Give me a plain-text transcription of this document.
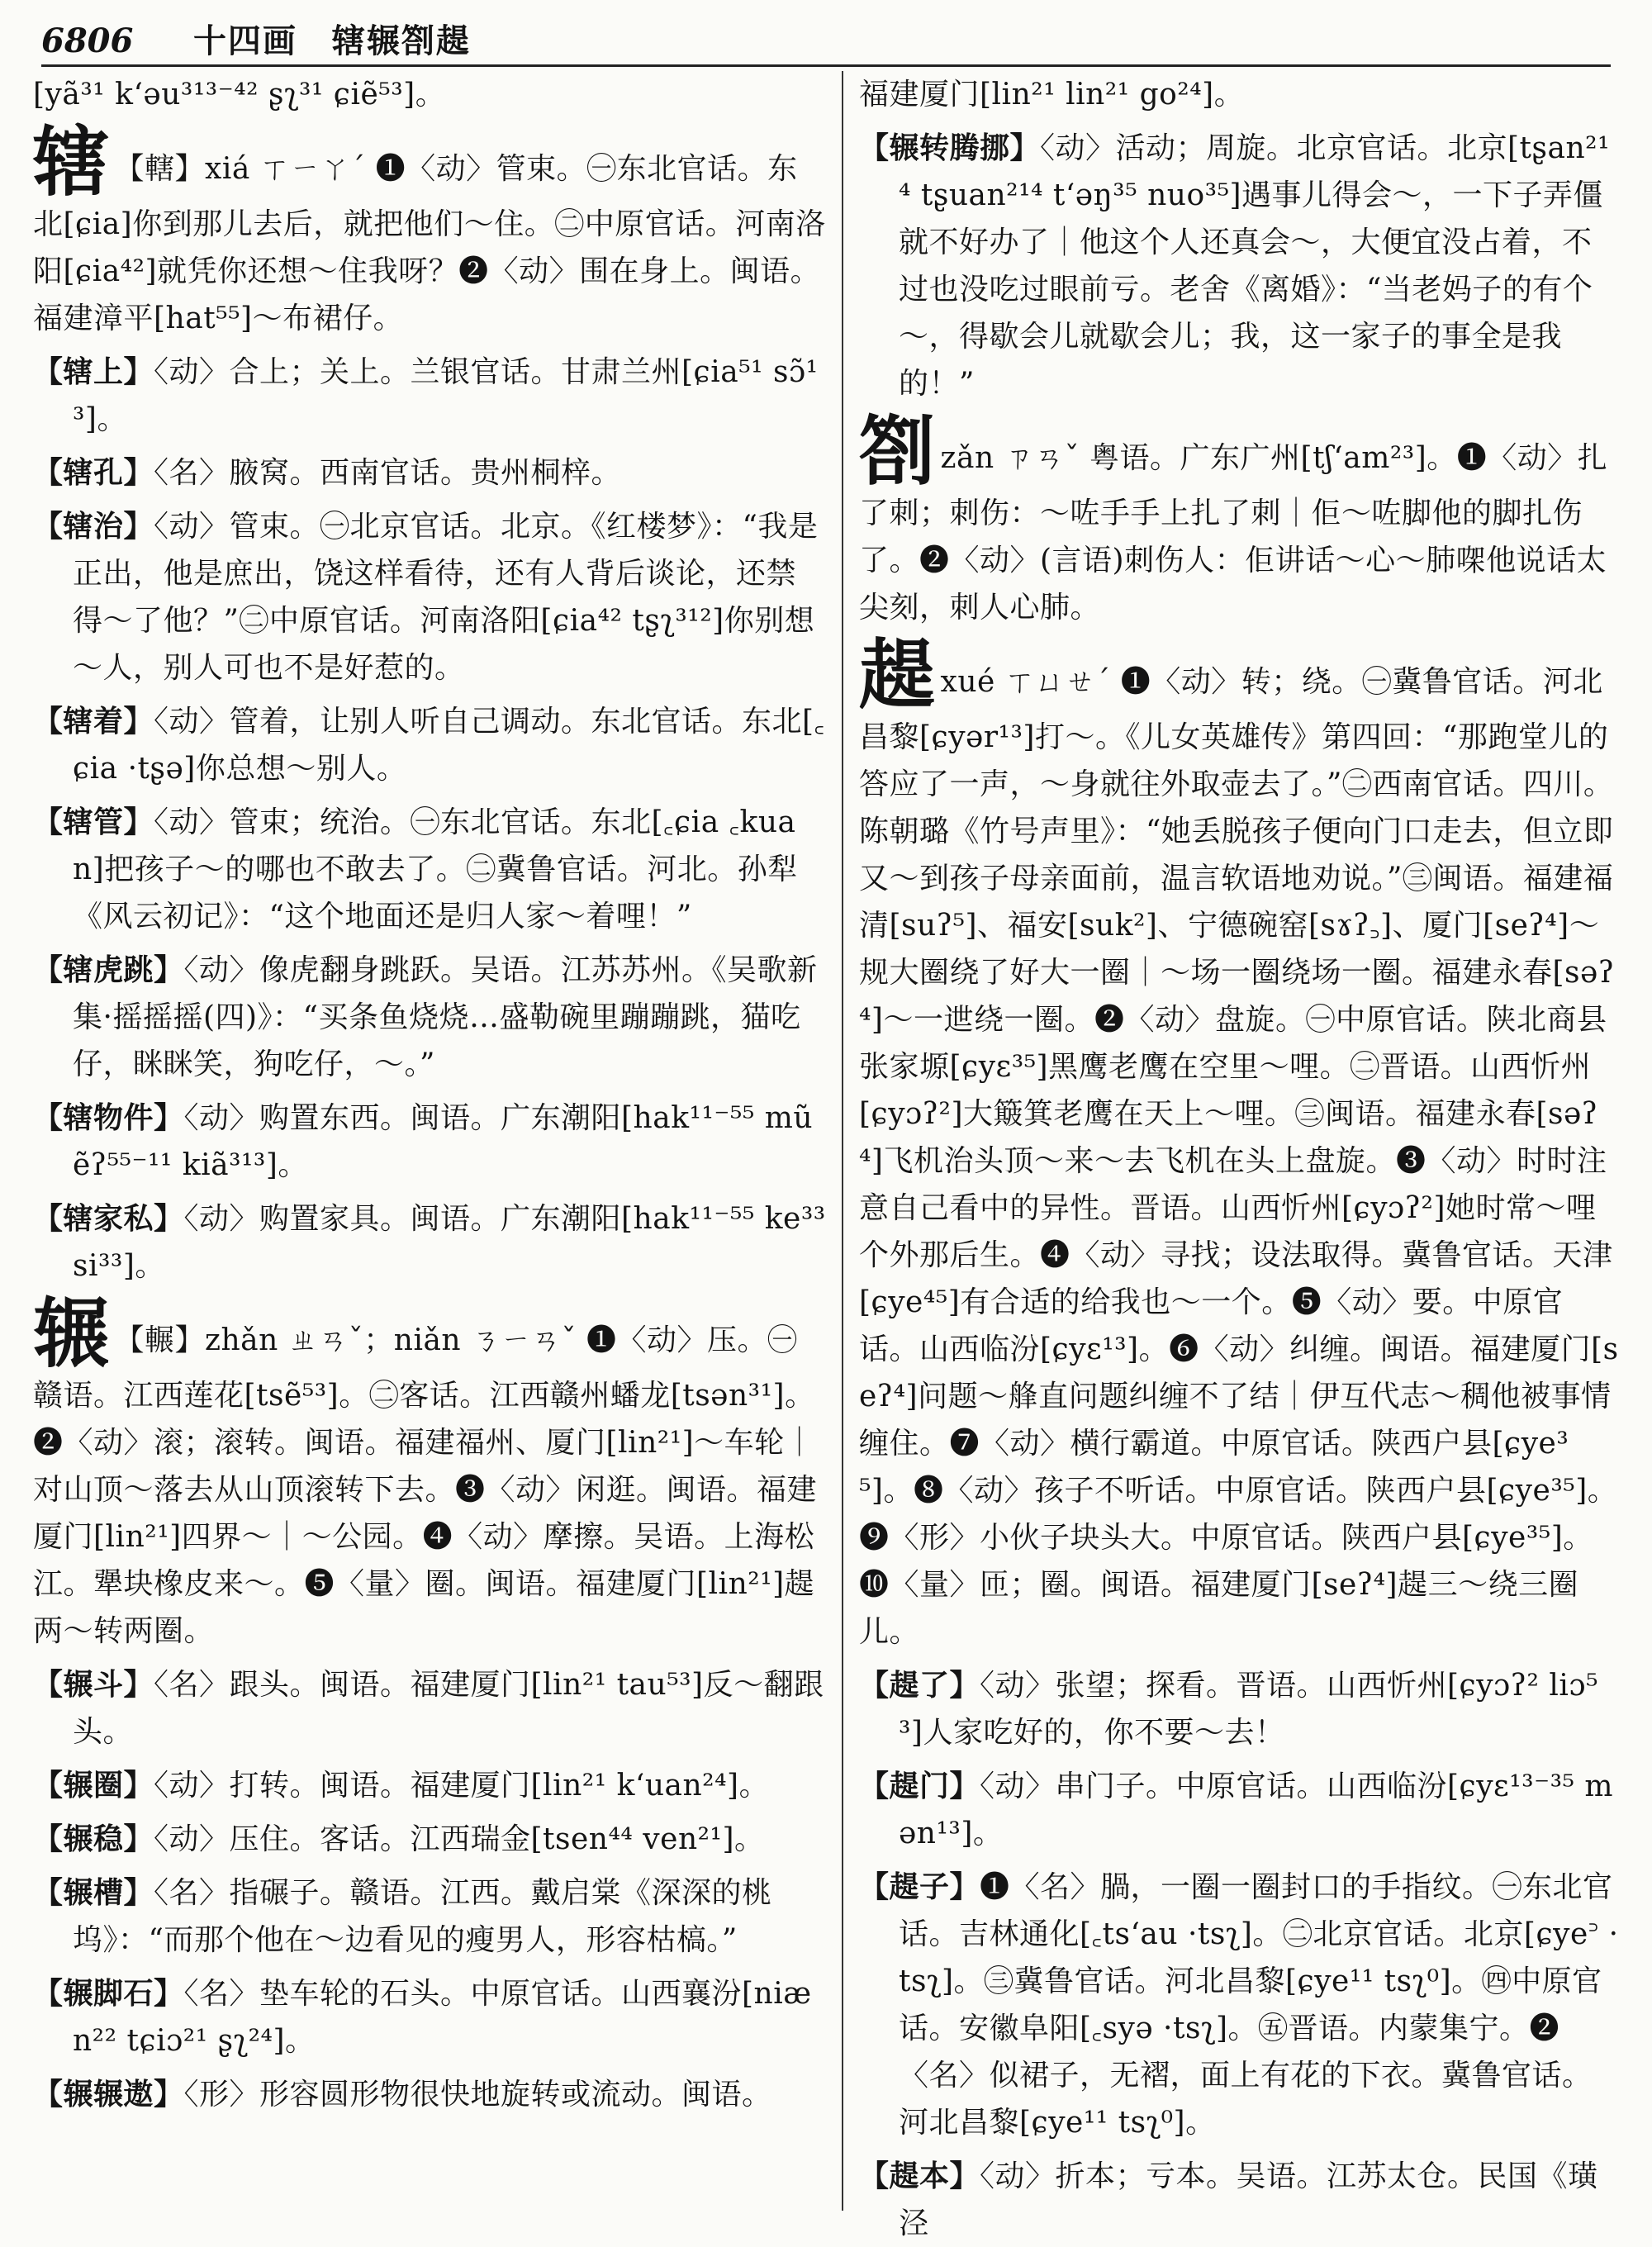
6806 十四画　辖辗劄趧

[yã³¹ k‘əu³¹³⁻⁴² ʂʅ³¹ ɕiẽ⁵³]。

辖 【轄】xiá ㄒㄧㄚˊ ❶〈动〉管束。㊀东北官话。东北[ɕia]你到那儿去后，就把他们～住。㊁中原官话。河南洛阳[ɕia⁴²]就凭你还想～住我呀？❷〈动〉围在身上。闽语。福建漳平[hat⁵⁵]～布裙仔。

【辖上】〈动〉合上；关上。兰银官话。甘肃兰州[ɕia⁵¹ sɔ̃¹³]。

【辖孔】〈名〉腋窝。西南官话。贵州桐梓。

【辖治】〈动〉管束。㊀北京官话。北京。《红楼梦》：“我是正出，他是庶出，饶这样看待，还有人背后谈论，还禁得～了他？”㊁中原官话。河南洛阳[ɕia⁴² tʂʅ³¹²]你别想～人，别人可也不是好惹的。

【辖着】〈动〉管着，让别人听自己调动。东北官话。东北[꜀ɕia ·tʂə]你总想～别人。

【辖管】〈动〉管束；统治。㊀东北官话。东北[꜀ɕia ꜀kuan]把孩子～的哪也不敢去了。㊁冀鲁官话。河北。孙犁《风云初记》：“这个地面还是归人家～着哩！”

【辖虎跳】〈动〉像虎翻身跳跃。吴语。江苏苏州。《吴歌新集·摇摇摇(四)》：“买条鱼烧烧…盛勒碗里蹦蹦跳，猫吃仔，眯眯笑，狗吃仔，～。”

【辖物件】〈动〉购置东西。闽语。广东潮阳[hak¹¹⁻⁵⁵ mũẽʔ⁵⁵⁻¹¹ kiã³¹³]。

【辖家私】〈动〉购置家具。闽语。广东潮阳[hak¹¹⁻⁵⁵ ke³³ si³³]。

辗 【輾】zhǎn ㄓㄢˇ；niǎn ㄋㄧㄢˇ ❶〈动〉压。㊀赣语。江西莲花[tsẽ⁵³]。㊁客话。江西赣州蟠龙[tsən³¹]。❷〈动〉滚；滚转。闽语。福建福州、厦门[lin²¹]～车轮｜对山顶～落去从山顶滚转下去。❸〈动〉闲逛。闽语。福建厦门[lin²¹]四界～｜～公园。❹〈动〉摩擦。吴语。上海松江。犟块橡皮来～。❺〈量〉圈。闽语。福建厦门[lin²¹]趧两～转两圈。

【辗斗】〈名〉跟头。闽语。福建厦门[lin²¹ tau⁵³]反～翻跟头。

【辗圈】〈动〉打转。闽语。福建厦门[lin²¹ k‘uan²⁴]。

【辗稳】〈动〉压住。客话。江西瑞金[tsen⁴⁴ ven²¹]。

【辗槽】〈名〉指碾子。赣语。江西。戴启棠《深深的桃坞》：“而那个他在～边看见的瘦男人，形容枯槁。”

【辗脚石】〈名〉垫车轮的石头。中原官话。山西襄汾[niæn²² tɕiɔ²¹ ʂʅ²⁴]。

【辗辗遨】〈形〉形容圆形物很快地旋转或流动。闽语。

福建厦门[lin²¹ lin²¹ go²⁴]。

【辗转腾挪】〈动〉活动；周旋。北京官话。北京[tʂan²¹⁴ tʂuan²¹⁴ t‘əŋ³⁵ nuo³⁵]遇事儿得会～，一下子弄僵就不好办了｜他这个人还真会～，大便宜没占着，不过也没吃过眼前亏。老舍《离婚》：“当老妈子的有个～，得歇会儿就歇会儿；我，这一家子的事全是我的！”

劄zǎn ㄗㄢˇ 粤语。广东广州[tʃ‘am²³]。❶〈动〉扎了刺；刺伤：～咗手手上扎了刺｜佢～咗脚他的脚扎伤了。❷〈动〉(言语)刺伤人：佢讲话～心～肺㗎他说话太尖刻，刺人心肺。

趧xué ㄒㄩㄝˊ ❶〈动〉转；绕。㊀冀鲁官话。河北昌黎[ɕyər¹³]打～。《儿女英雄传》第四回：“那跑堂儿的答应了一声，～身就往外取壶去了。”㊁西南官话。四川。陈朝璐《竹号声里》：“她丢脱孩子便向门口走去，但立即又～到孩子母亲面前，温言软语地劝说。”㊂闽语。福建福清[suʔ⁵]、福安[suk²]、宁德碗窑[sɤʔ꜆]、厦门[seʔ⁴]～规大圈绕了好大一圈｜～场一圈绕场一圈。福建永春[səʔ⁴]～一迣绕一圈。❷〈动〉盘旋。㊀中原官话。陕北商县张家塬[ɕyɛ³⁵]黑鹰老鹰在空里～哩。㊁晋语。山西忻州[ɕyɔʔ²]大簸箕老鹰在天上～哩。㊂闽语。福建永春[səʔ⁴]飞机治头顶～来～去飞机在头上盘旋。❸〈动〉时时注意自己看中的异性。晋语。山西忻州[ɕyɔʔ²]她时常～哩个外那后生。❹〈动〉寻找；设法取得。冀鲁官话。天津[ɕye⁴⁵]有合适的给我也～一个。❺〈动〉要。中原官话。山西临汾[ɕyɛ¹³]。❻〈动〉纠缠。闽语。福建厦门[seʔ⁴]问题～艂直问题纠缠不了结｜伊互代志～稠他被事情缠住。❼〈动〉横行霸道。中原官话。陕西户县[ɕye³⁵]。❽〈动〉孩子不听话。中原官话。陕西户县[ɕye³⁵]。❾〈形〉小伙子块头大。中原官话。陕西户县[ɕye³⁵]。❿〈量〉匝；圈。闽语。福建厦门[seʔ⁴]趧三～绕三圈儿。

【趧了】〈动〉张望；探看。晋语。山西忻州[ɕyɔʔ² liɔ⁵³]人家吃好的，你不要～去！

【趧门】〈动〉串门子。中原官话。山西临汾[ɕyɛ¹³⁻³⁵ mən¹³]。

【趧子】❶〈名〉腡，一圈一圈封口的手指纹。㊀东北官话。吉林通化[꜀ts‘au ·tsʅ]。㊁北京官话。北京[ɕye꜄ ·tsʅ]。㊂冀鲁官话。河北昌黎[ɕye¹¹ tsʅ⁰]。㊃中原官话。安徽阜阳[꜀syə ·tsʅ]。㊄晋语。内蒙集宁。❷〈名〉似裙子，无褶，面上有花的下衣。冀鲁官话。河北昌黎[ɕye¹¹ tsʅ⁰]。

【趧本】〈动〉折本；亏本。吴语。江苏太仓。民国《璜泾
